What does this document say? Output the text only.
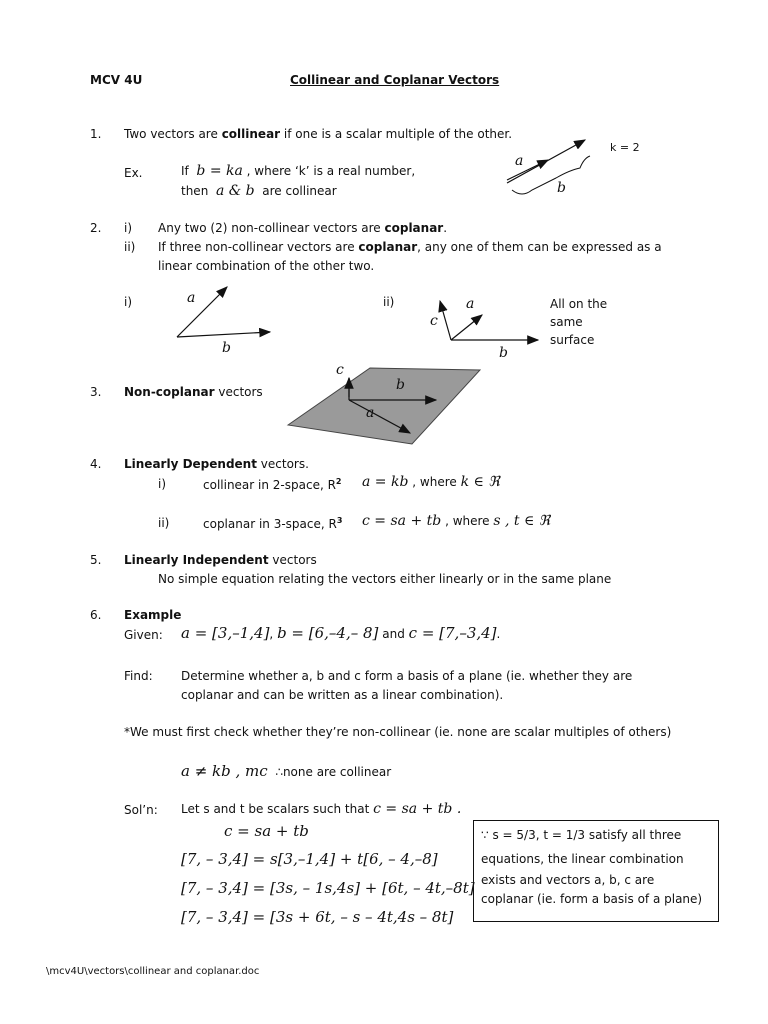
MCV 4U	Collinear and Coplanar Vectors
1. Two vectors are collinear if one is a scalar multiple of the other.
Ex.	If b = ka , where ‘k’ is a real number,
then a & b are collinear
k = 2
a
b
2. i) Any two (2) non-collinear vectors are coplanar.
ii) If three non-collinear vectors are coplanar, any one of them can be expressed as a
linear combination of the other two.
i)	ii)
a
b
a
c
b
All on the
same
surface
3. Non-coplanar vectors
c
b
a
4. Linearly Dependent vectors.
i)	collinear in 2-space, $R^2$ a = kb , where k ∈ ℜ
ii)	coplanar in 3-space, $R^3$ c = sa + tb , where s , t ∈ ℜ
5. Linearly Independent vectors
No simple equation relating the vectors either linearly or in the same plane
6. Example
Given: a = [3,–1,4], b = [6,–4,– 8] and c = [7,–3,4].
Find: Determine whether a, b and c form a basis of a plane (ie. whether they are
coplanar and can be written as a linear combination).
*We must first check whether they’re non-collinear (ie. none are scalar multiples of others)
a ≠ kb , mc ∴none are collinear
Sol’n: Let s and t be scalars such that c = sa + tb .
c = sa + tb
[7, – 3,4] = s[3,–1,4] + t[6, – 4,–8]
[7, – 3,4] = [3s, – 1s,4s] + [6t, – 4t,–8t]
[7, – 3,4] = [3s + 6t, – s – 4t,4s – 8t]
∵ s = 5/3, t = 1/3 satisfy all three
equations, the linear combination
exists and vectors a, b, c are
coplanar (ie. form a basis of a plane)
\mcv4U\vectors\collinear and coplanar.doc
